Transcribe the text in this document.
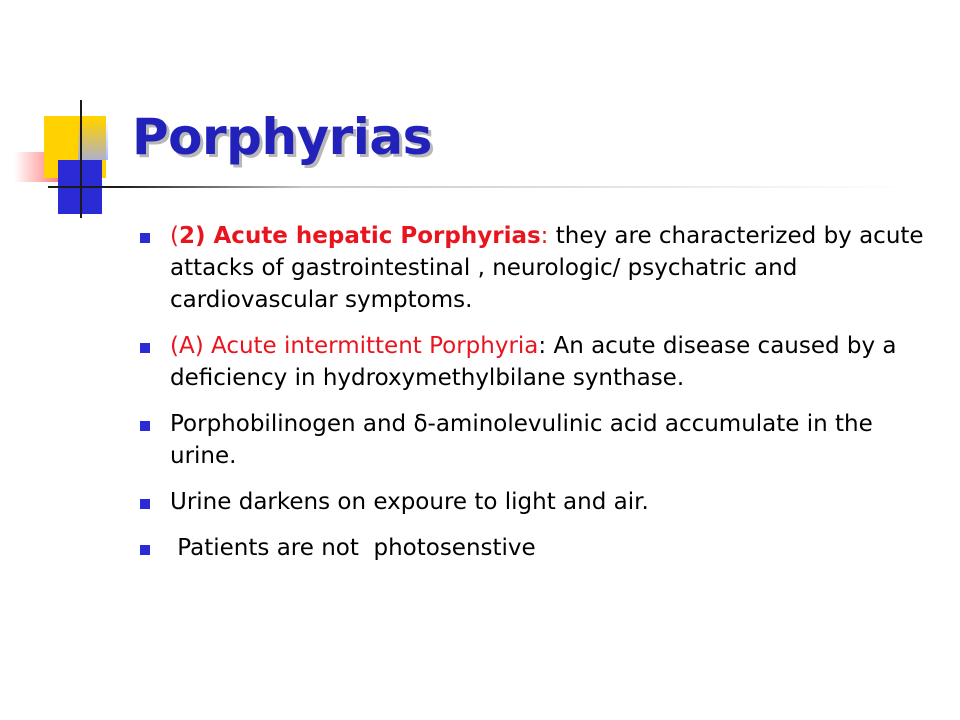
Porphyrias
(2) Acute hepatic Porphyrias: they are characterized by acute attacks of gastrointestinal , neurologic/ psychatric and cardiovascular symptoms.
(A) Acute intermittent Porphyria: An acute disease caused by a deficiency in hydroxymethylbilane synthase.
Porphobilinogen and δ-aminolevulinic acid accumulate in the urine.
Urine darkens on expoure to light and air.
Patients are not  photosenstive
